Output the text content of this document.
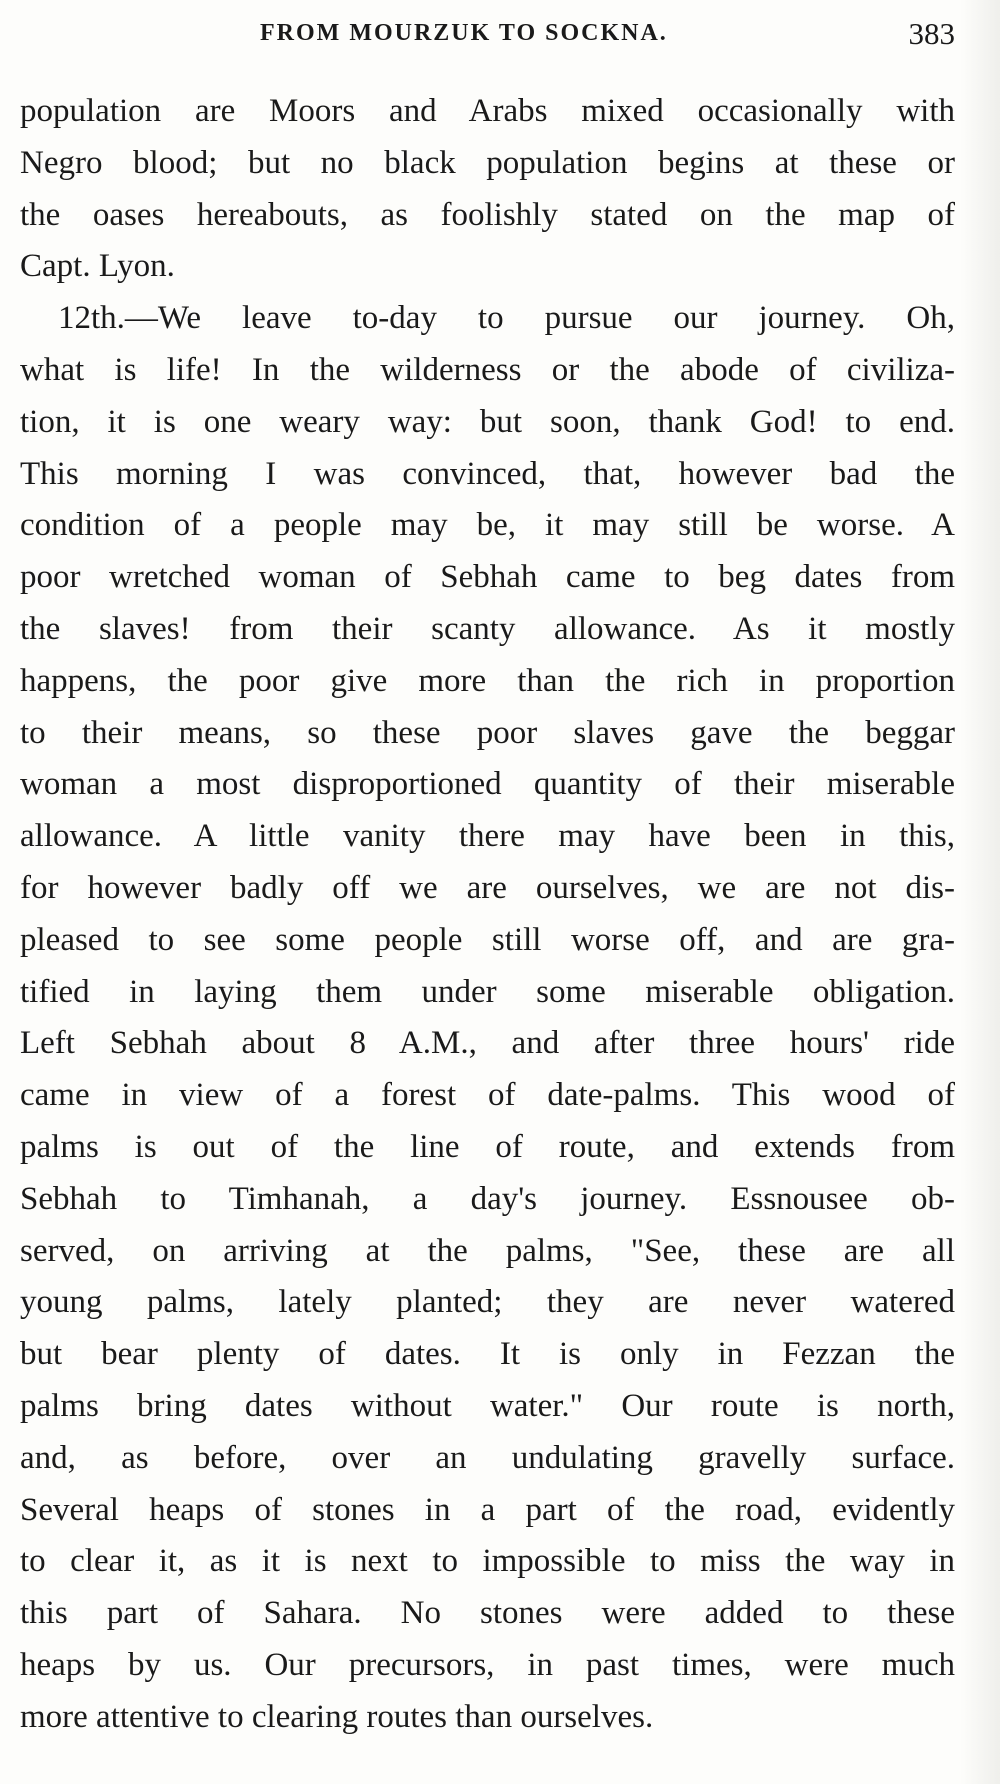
FROM MOURZUK TO SOCKNA.	383
population are Moors and Arabs mixed occasionally with
Negro blood; but no black population begins at these or
the oases hereabouts, as foolishly stated on the map of
Capt. Lyon.
12th.—We leave to-day to pursue our journey. Oh,
what is life! In the wilderness or the abode of civiliza-
tion, it is one weary way: but soon, thank God! to end.
This morning I was convinced, that, however bad the
condition of a people may be, it may still be worse. A
poor wretched woman of Sebhah came to beg dates from
the slaves! from their scanty allowance. As it mostly
happens, the poor give more than the rich in proportion
to their means, so these poor slaves gave the beggar
woman a most disproportioned quantity of their miserable
allowance. A little vanity there may have been in this,
for however badly off we are ourselves, we are not dis-
pleased to see some people still worse off, and are gra-
tified in laying them under some miserable obligation.
Left Sebhah about 8 A.M., and after three hours' ride
came in view of a forest of date-palms. This wood of
palms is out of the line of route, and extends from
Sebhah to Timhanah, a day's journey. Essnousee ob-
served, on arriving at the palms, "See, these are all
young palms, lately planted; they are never watered
but bear plenty of dates. It is only in Fezzan the
palms bring dates without water." Our route is north,
and, as before, over an undulating gravelly surface.
Several heaps of stones in a part of the road, evidently
to clear it, as it is next to impossible to miss the way in
this part of Sahara. No stones were added to these
heaps by us. Our precursors, in past times, were much
more attentive to clearing routes than ourselves.
